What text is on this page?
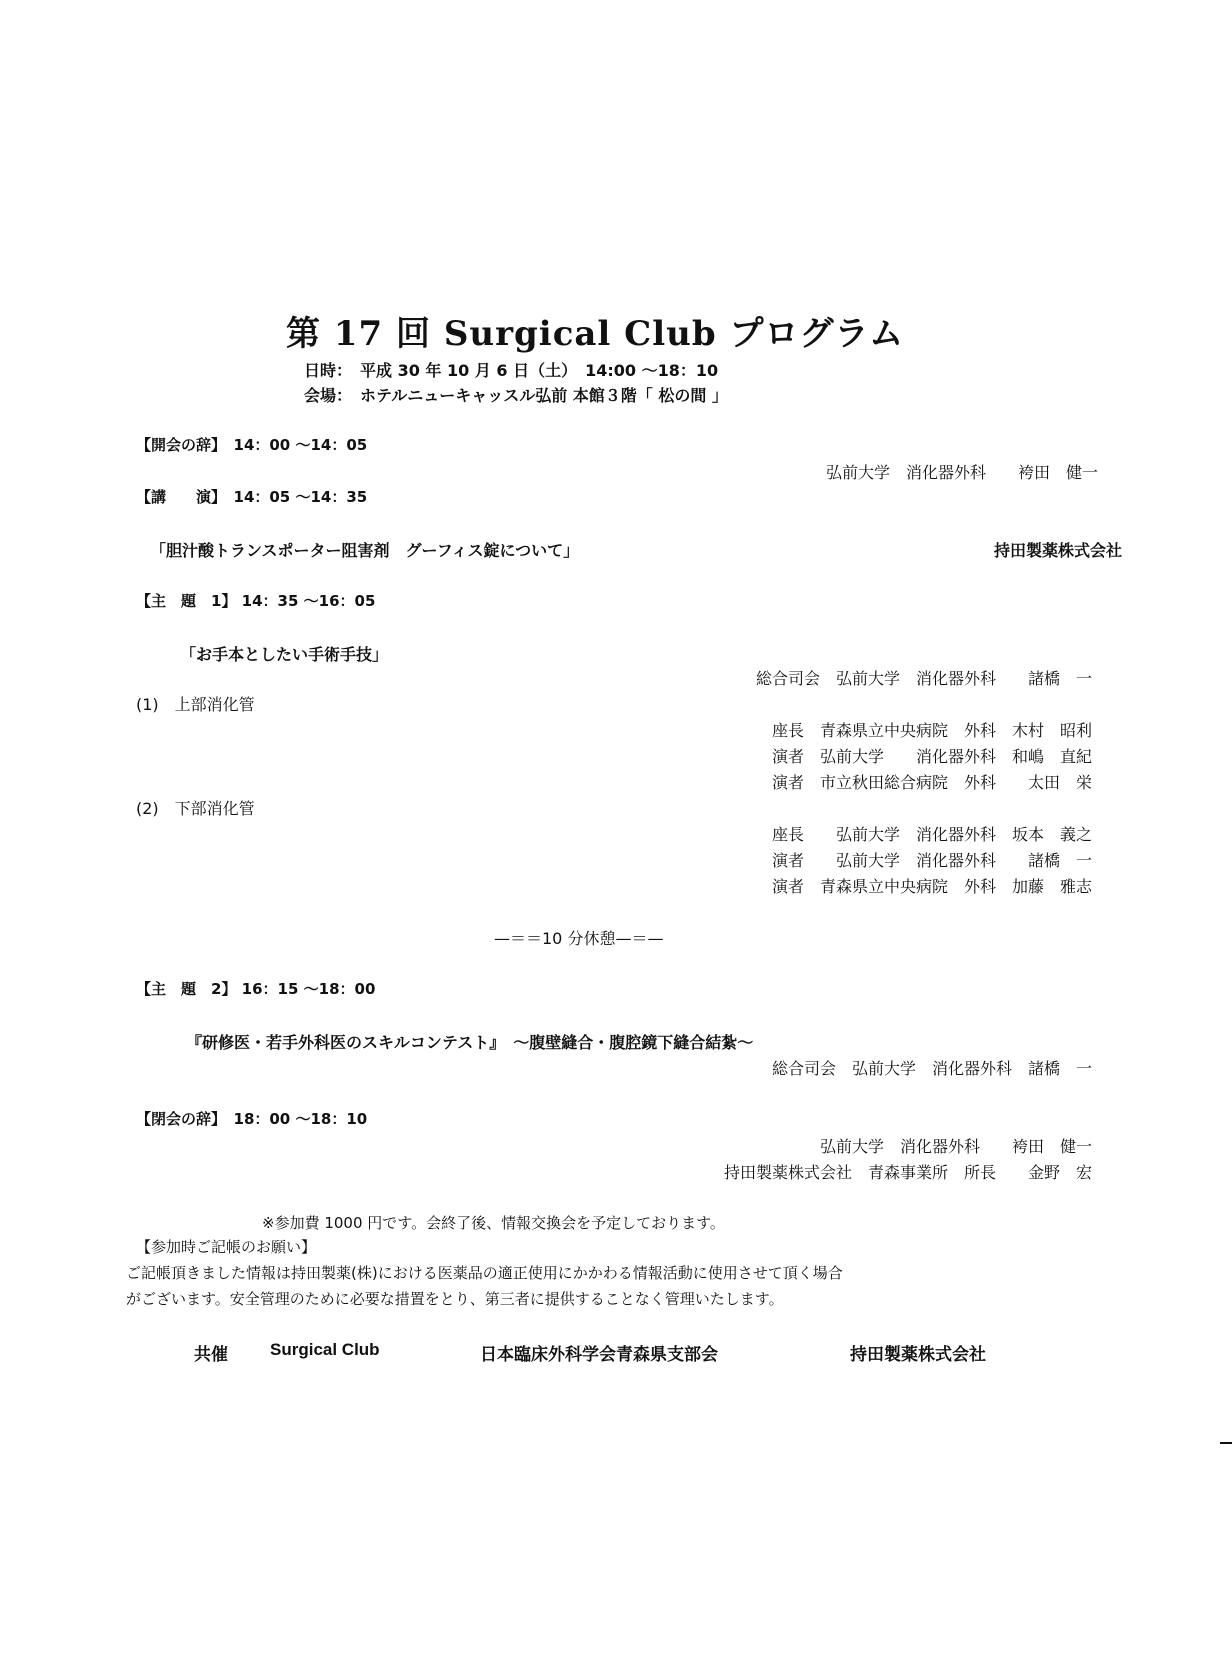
第 17 回 Surgical Club プログラム
日時：　平成 30 年 10 月 6 日（土）　14:00 〜18：10
会場：　ホテルニューキャッスル弘前 本館３階「 松の間 」
【開会の辞】　14：00 〜14：05
弘前大学　消化器外科　　袴田　健一
【講　　演】　14：05 〜14：35
「胆汁酸トランスポーター阻害剤　グーフィス錠について」	持田製薬株式会社
【主　題　1】 14：35 〜16：05
「お手本としたい手術手技」
総合司会　弘前大学　消化器外科　　諸橋　一
(1)　上部消化管
座長　青森県立中央病院　外科　木村　昭利
演者　弘前大学　　消化器外科　和嶋　直紀
演者　市立秋田総合病院　外科　　太田　栄
(2)　下部消化管
座長　　弘前大学　消化器外科　坂本　義之
演者　　弘前大学　消化器外科　　諸橋　一
演者　青森県立中央病院　外科　加藤　雅志
—＝＝10 分休憩—＝—
【主　題　2】 16：15 〜18：00
『研修医・若手外科医のスキルコンテスト』　〜腹壁縫合・腹腔鏡下縫合結紮〜
総合司会　弘前大学　消化器外科　諸橋　一
【閉会の辞】　18：00 〜18：10
弘前大学　消化器外科　　袴田　健一
持田製薬株式会社　青森事業所　所長　　金野　宏
※参加費 1000 円です。会終了後、情報交換会を予定しております。
【参加時ご記帳のお願い】
ご記帳頂きました情報は持田製薬(株)における医薬品の適正使用にかかわる情報活動に使用させて頂く場合
がございます。安全管理のために必要な措置をとり、第三者に提供することなく管理いたします。
共催 Surgical Club	日本臨床外科学会青森県支部会	持田製薬株式会社
